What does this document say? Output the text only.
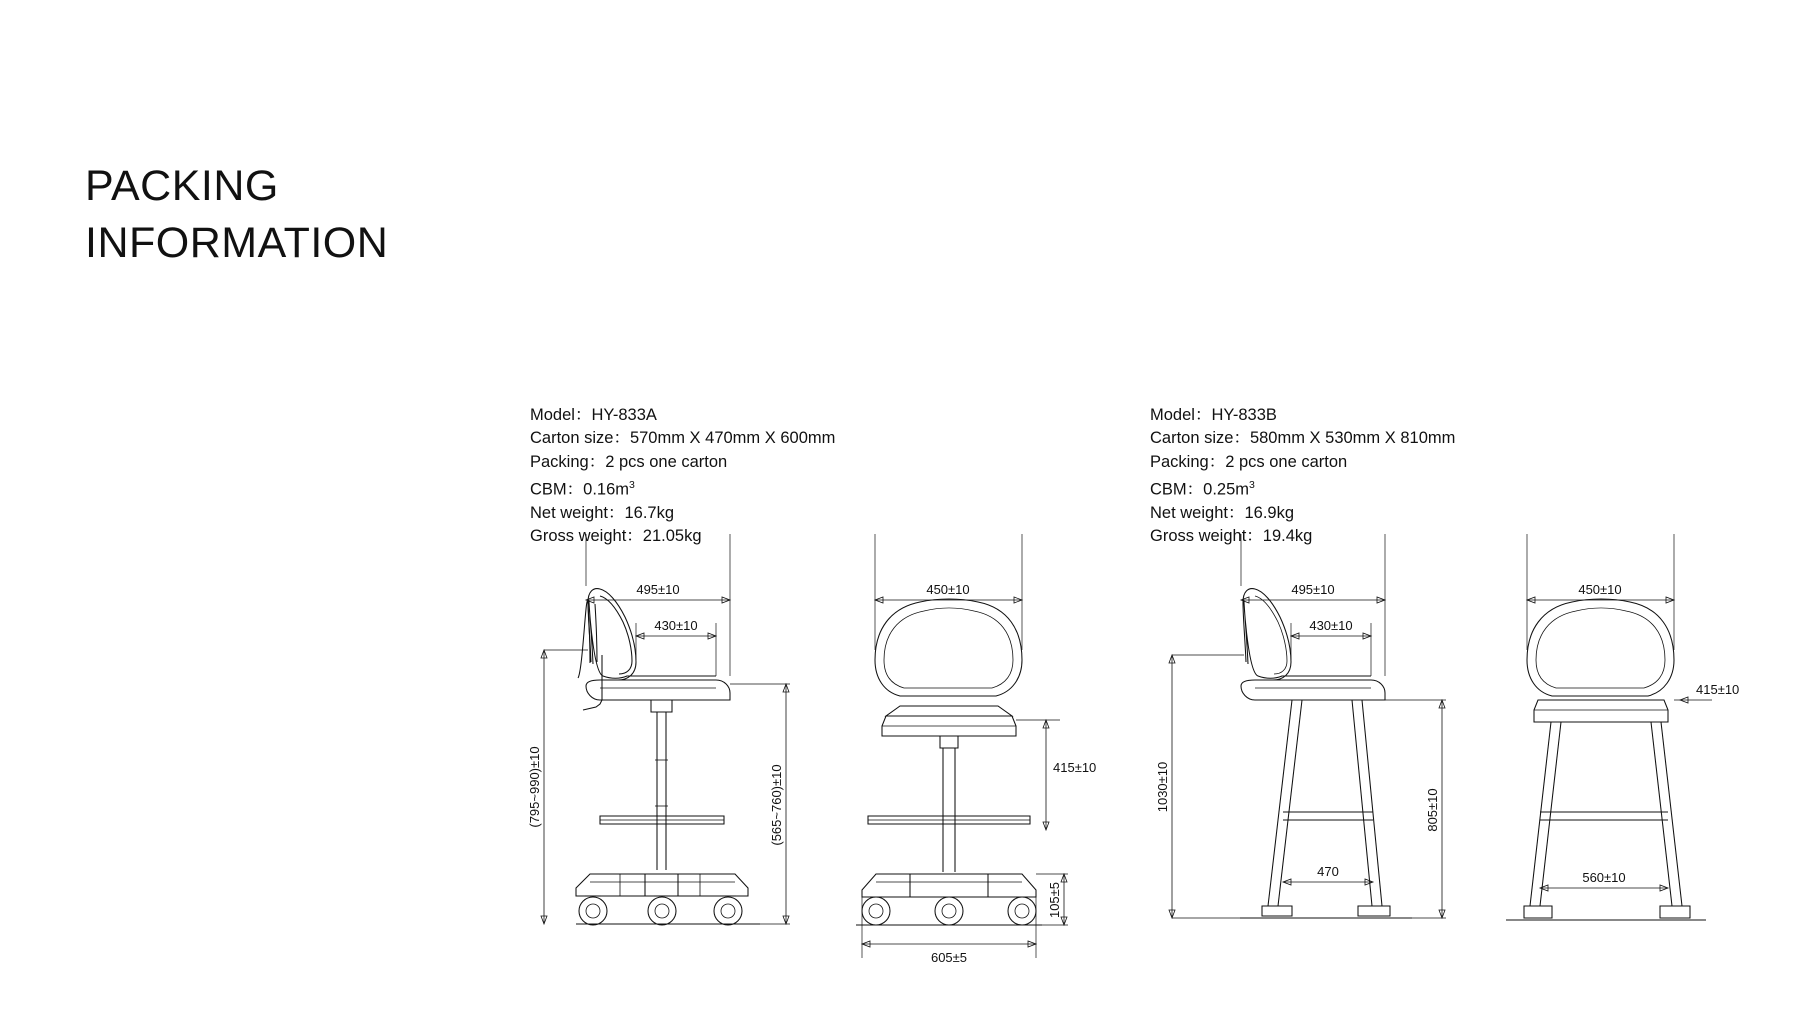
PACKING
INFORMATION
Model：HY-833A
Carton size：570mm X 470mm X 600mm
Packing：2 pcs one carton
CBM：$0.16m^3$
Net weight：16.7kg
Gross weight：21.05kg
Model：HY-833B
Carton size：580mm X 530mm X 810mm
Packing：2 pcs one carton
CBM：$0.25m^3$
Net weight：16.9kg
Gross weight：19.4kg
495±10
430±10
(795~990)±10	(565~760)±10
450±10
415±10
105±5
605±5
495±10
430±10
1030±10	805±10
470
450±10
415±10
560±10
